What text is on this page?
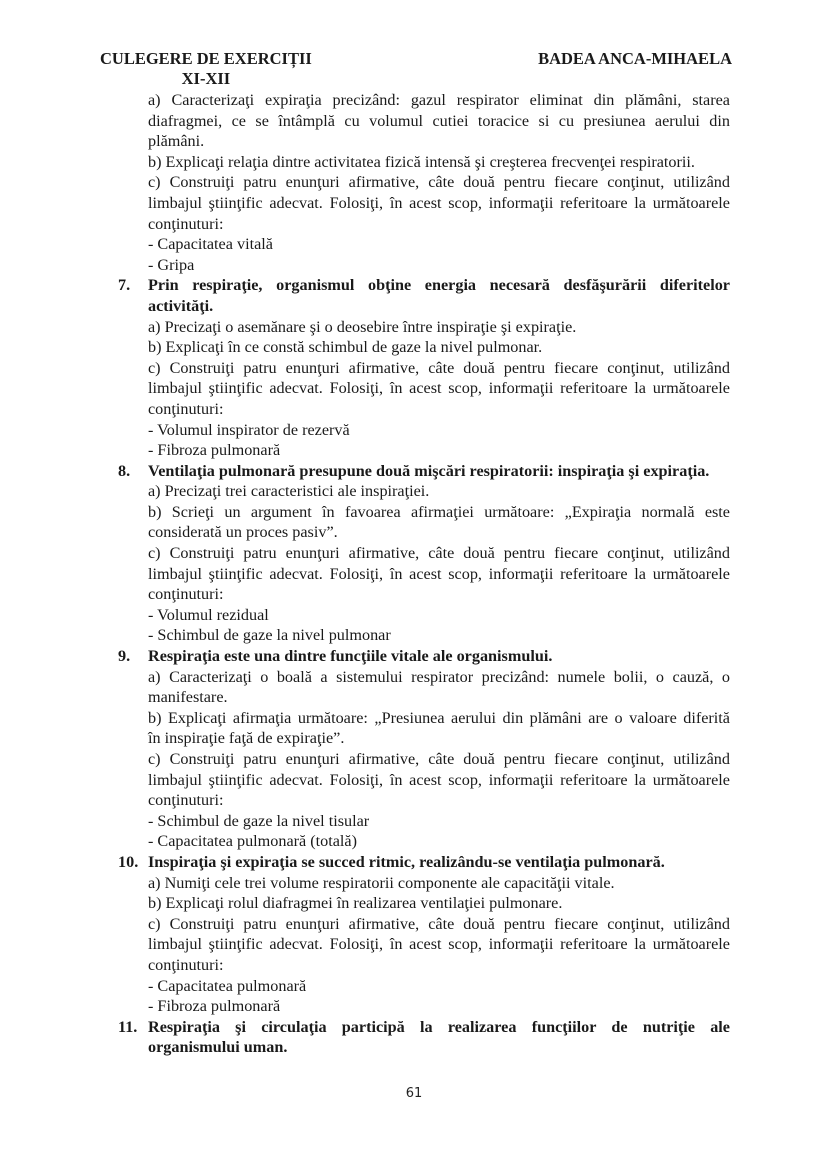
CULEGERE DE EXERCIȚII
XI-XII
BADEA ANCA-MIHAELA
a) Caracterizaţi expiraţia precizând: gazul respirator eliminat din plămâni, starea
diafragmei, ce se întâmplă cu volumul cutiei toracice si cu presiunea aerului din
plămâni.
b) Explicaţi relaţia dintre activitatea fizică intensă şi creşterea frecvenţei respiratorii.
c) Construiţi patru enunţuri afirmative, câte două pentru fiecare conţinut, utilizând
limbajul ştiinţific adecvat. Folosiţi, în acest scop, informaţii referitoare la următoarele
conţinuturi:
- Capacitatea vitală
- Gripa
7. Prin respiraţie, organismul obţine energia necesară desfăşurării diferitelor
activităţi.
a) Precizaţi o asemănare şi o deosebire între inspiraţie şi expiraţie.
b) Explicaţi în ce constă schimbul de gaze la nivel pulmonar.
c) Construiţi patru enunţuri afirmative, câte două pentru fiecare conţinut, utilizând
limbajul ştiinţific adecvat. Folosiţi, în acest scop, informaţii referitoare la următoarele
conţinuturi:
- Volumul inspirator de rezervă
- Fibroza pulmonară
8. Ventilaţia pulmonară presupune două mişcări respiratorii: inspiraţia şi expiraţia.
a) Precizaţi trei caracteristici ale inspiraţiei.
b) Scrieţi un argument în favoarea afirmaţiei următoare: „Expiraţia normală este
considerată un proces pasiv”.
c) Construiţi patru enunţuri afirmative, câte două pentru fiecare conţinut, utilizând
limbajul ştiinţific adecvat. Folosiţi, în acest scop, informaţii referitoare la următoarele
conţinuturi:
- Volumul rezidual
- Schimbul de gaze la nivel pulmonar
9. Respiraţia este una dintre funcţiile vitale ale organismului.
a) Caracterizaţi o boală a sistemului respirator precizând: numele bolii, o cauză, o
manifestare.
b) Explicaţi afirmaţia următoare: „Presiunea aerului din plămâni are o valoare diferită
în inspiraţie faţă de expiraţie”.
c) Construiţi patru enunţuri afirmative, câte două pentru fiecare conţinut, utilizând
limbajul ştiinţific adecvat. Folosiţi, în acest scop, informaţii referitoare la următoarele
conţinuturi:
- Schimbul de gaze la nivel tisular
- Capacitatea pulmonară (totală)
10. Inspiraţia şi expiraţia se succed ritmic, realizându-se ventilaţia pulmonară.
a) Numiţi cele trei volume respiratorii componente ale capacităţii vitale.
b) Explicaţi rolul diafragmei în realizarea ventilaţiei pulmonare.
c) Construiţi patru enunţuri afirmative, câte două pentru fiecare conţinut, utilizând
limbajul ştiinţific adecvat. Folosiţi, în acest scop, informaţii referitoare la următoarele
conţinuturi:
- Capacitatea pulmonară
- Fibroza pulmonară
11. Respiraţia şi circulaţia participă la realizarea funcţiilor de nutriţie ale
organismului uman.
61
